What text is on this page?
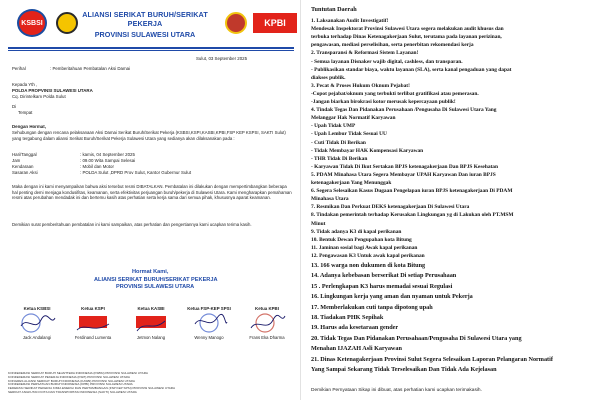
KSBSI	KPBI
ALIANSI SERIKAT BURUH/SERIKAT PEKERJA
PROVINSI SULAWESI UTARA
Sulut, 03 September 2025
Perihal	: Pemberitahuan Pembatalan Aksi Damai
Kepada Yth ,
POLDA PROPVINSI SULAWESI UTARA
Cq. Dirintelkam Polda Sulut
Di
Tempat
Dengan Hormat,
Sehubungan dengan rencana pelaksanaan Aksi Damai Serikat Buruh/Serikat Pekerja (KSBSI,KSPI,KASBI,KPBI,FSP KEP KSPSI, SAKTI Sulut) yang tergabung dalam aliansi Serikat Buruh/Serikat Pekerja Sulawesi Utara yang sedianya akan dilaksanakan pada :
Hari/Tanggal	: kamis, 04 September 2025
Jam	: 09.00 Wita Sampai Selesai
Kendaraan	: Mobil dan Motor
Sasaran Aksi	: POLDA Sulut ,DPRD Prov Sulut, Kantor Gubernur Sulut
Maka dengan ini kami menyampaikan bahwa aksi tersebut resmi DIBATALKAN. Pembatalan ini dilakukan dengan mempertimbangkan beberapa hal penting demi menjaga kondusifitas, keamanan, serta efektivitas perjuangan buruh/pekerja di Sulawesi Utara. Kami mengharapkan pemahaman resmi atas perubahan mendadak ini dan bertemu kasih atas perhatian serta kerja sama dari semua pihak, khususnya aparat keamanan.
Demikian surat pemberitahuan pembatalan ini kami sampaikan, atas perhatian dan pengertiannya kami ucapkan terima kasih.
Hormat Kami,
ALIANSI SERIKAT BURUH/SERIKAT PEKERJA
PROVINSI SULAWESI UTARA
Ketua KSBSI
Jack Andalangi
Ketua KSPI
Ferdinand Lumenta
Ketua KASBI
Jetmon Nalang
Ketua FSP-KEP SPSI
Wenny Manogo
Ketua KPBI
Frans Eka Dharma
KONFEDERASI SERIKAT BURUH SEJAHTERA INDONESIA (KSBSI) PROVINSI SULAWESI UTARA
KONFEDERASI SERIKAT PEKERJA INDONESIA (KSPI) PROVINSI SULAWESI UTARA
KONGRES ALIANSI SERIKAT BURUH INDONESIA (KASBI) PROVINSI SULAWESI UTARA
KONFEDERASI PERSATUAN BURUH INDONESIA (KPBI) PROVINSI SULAWESI UTARA
FEDERASI SERIKAT PEKERJA KIMIA ENERGI DAN PERTAMBANGAN (FSP KEP SPSI) PROVINSI SULAWESI UTARA
SERIKAT ANGKUTAN KOTA DAN TRANSPORTASI INDONESIA (SAKTI) SULAWESI UTARA
Tuntutan Daerah
1. Laksanakan Audit Investigatif!
Mendesak Inspektorat Provinsi Sulawesi Utara segera melakukan audit khusus dan
terbuka terhadap Dinas Ketenagakerjaan Sulut, terutama pada layanan perizinan,
pengawasan, mediasi perselisihan, serta penerbitan rekomendasi kerja
2. Transparansi & Reformasi Sistem Layanan!
- Semua layanan Disnaker wajib digital, cashless, dan transparan.
- Publikasikan standar biaya, waktu layanan (SLA), serta kanal pengaduan yang dapat
diakses publik.
3. Pecat & Proses Hukum Oknum Pejabat!
-Copot pejabat/oknum yang terbukti terlibat gratifikasi atau pemerasan.
-Jangan biarkan birokrasi kotor merusak kepercayaan publik!
4. Tindak Tegas Dan Pidanakan Perusahaan /Pengusaha Di Sulawesi Utara Yang
Melanggar Hak Normatif Karyawan
- Upah Tidak UMP
- Upah Lembur Tidak Sesuai UU
- Cuti Tidak Di Berikan
- Tidak Membayar HAK Kompensasi Karyawan
- THR Tidak Di Berikan
- Karyawan Tidak Di Ikut Sertakan BPJS ketenagakerjaan Dan BPJS Kesehatan
5. PDAM Minahasa Utara Segera Membayar UPAH Karyawan Dan iuran BPJS
ketenagakerjaan Yang Menunggak
6. Segera Selesaikan Kasus Dugaan Pengelapan iuran BPJS ketenagakerjaan Di PDAM
Minahasa Utara
7. Resmikan Dan Perkuat DEKS ketenagakerjaan Di Sulawesi Utara
8. Tindakan pemerintah terhadap Kerusakan Lingkungan yg di Lakukan oleh PT.MSM
Minut
9. Tidak adanya K3 di kapal perikanan
10. Bentuk Dewan Pengupahan kota Bitung
11. Jaminan sosial bagi Awak kapal perikanan
12. Pengawasan K3 Untuk awak kapal perikanan
13. 166 warga non dukumen di kota Bitung
14. Adanya kebebasan berserikat Di setiap Perusahaan
15 . Perlengkapan K3 harus memadai sesuai Regulasi
16. Lingkungan kerja yang aman dan nyaman untuk Pekerja
17. Memberlakukan cuti tanpa dipotong upah
18. Tiadakan PHK Sepihak
19. Harus ada kesetaraan gender
20. Tidak Tegas Dan Pidanakan Perusahaan/Pengusaha Di Sulawesi Utara yang
Menahan IJAZAH Asli Karyawan
21. Dinas Ketenagakerjaan Provinsi Sulut Segera Selesaikan Laporan Pelangaran Normatif
Yang Sampai Sekarang Tidak Terselesaikan Dan Tidak Ada Kejelasan
Demikian Pernyataan Sikap ini dibuat, atas perhatian kami ucapkan terimakasih.
